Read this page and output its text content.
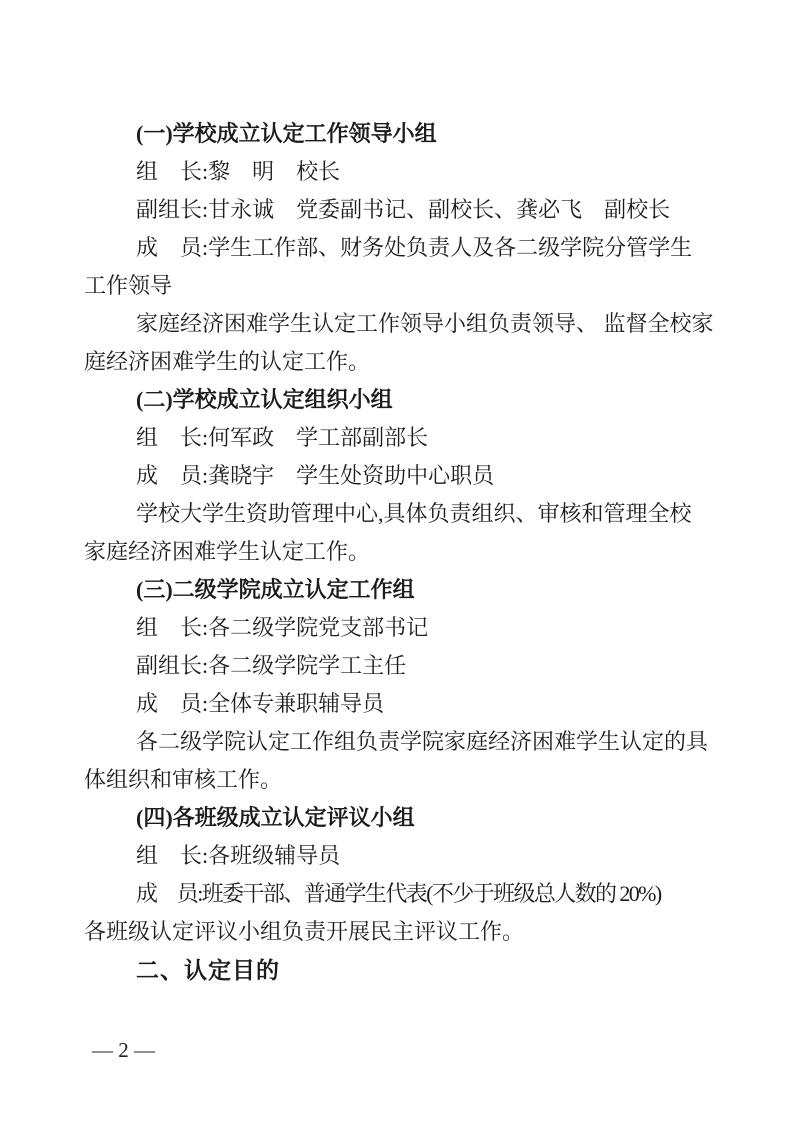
(一)学校成立认定工作领导小组
组　长:黎　明　校长
副组长:甘永诚　党委副书记、副校长、龚必飞　副校长
成　员:学生工作部、财务处负责人及各二级学院分管学生
工作领导
家庭经济困难学生认定工作领导小组负责领导、 监督全校家
庭经济困难学生的认定工作。
(二)学校成立认定组织小组
组　长:何军政　学工部副部长
成　员:龚晓宇　学生处资助中心职员
学校大学生资助管理中心,具体负责组织、审核和管理全校
家庭经济困难学生认定工作。
(三)二级学院成立认定工作组
组　长:各二级学院党支部书记
副组长:各二级学院学工主任
成　员:全体专兼职辅导员
各二级学院认定工作组负责学院家庭经济困难学生认定的具
体组织和审核工作。
(四)各班级成立认定评议小组
组　长:各班级辅导员
成　员:班委干部、普通学生代表(不少于班级总人数的 20%)
各班级认定评议小组负责开展民主评议工作。
二、认定目的
— 2 —
